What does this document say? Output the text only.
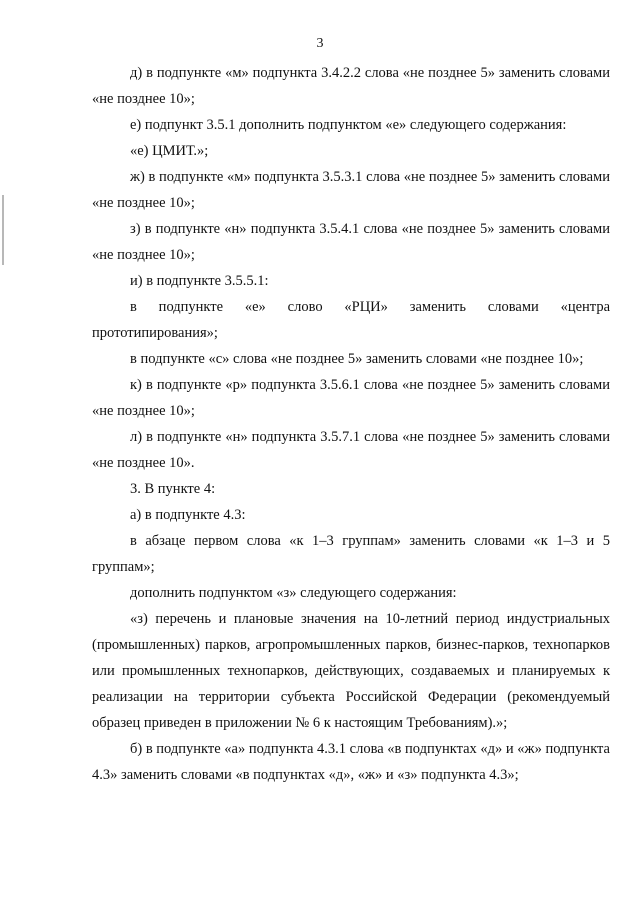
3

д) в подпункте «м» подпункта 3.4.2.2 слова «не позднее 5» заменить словами «не позднее 10»;

е) подпункт 3.5.1 дополнить подпунктом «е» следующего содержания:

«е) ЦМИТ.»;

ж) в подпункте «м» подпункта 3.5.3.1 слова «не позднее 5» заменить словами «не позднее 10»;

з) в подпункте «н» подпункта 3.5.4.1 слова «не позднее 5» заменить словами «не позднее 10»;

и) в подпункте 3.5.5.1:

в подпункте «е» слово «РЦИ» заменить словами «центра прототипирования»;

в подпункте «с» слова «не позднее 5» заменить словами «не позднее 10»;

к) в подпункте «р» подпункта 3.5.6.1 слова «не позднее 5» заменить словами «не позднее 10»;

л) в подпункте «н» подпункта 3.5.7.1 слова «не позднее 5» заменить словами «не позднее 10».

3. В пункте 4:

а) в подпункте 4.3:

в абзаце первом слова «к 1–3 группам» заменить словами «к 1–3 и 5 группам»;

дополнить подпунктом «з» следующего содержания:

«з) перечень и плановые значения на 10-летний период индустриальных (промышленных) парков, агропромышленных парков, бизнес-парков, технопарков или промышленных технопарков, действующих, создаваемых и планируемых к реализации на территории субъекта Российской Федерации (рекомендуемый образец приведен в приложении № 6 к настоящим Требованиям).»;

б) в подпункте «а» подпункта 4.3.1 слова «в подпунктах «д» и «ж» подпункта 4.3» заменить словами «в подпунктах «д», «ж» и «з» подпункта 4.3»;
